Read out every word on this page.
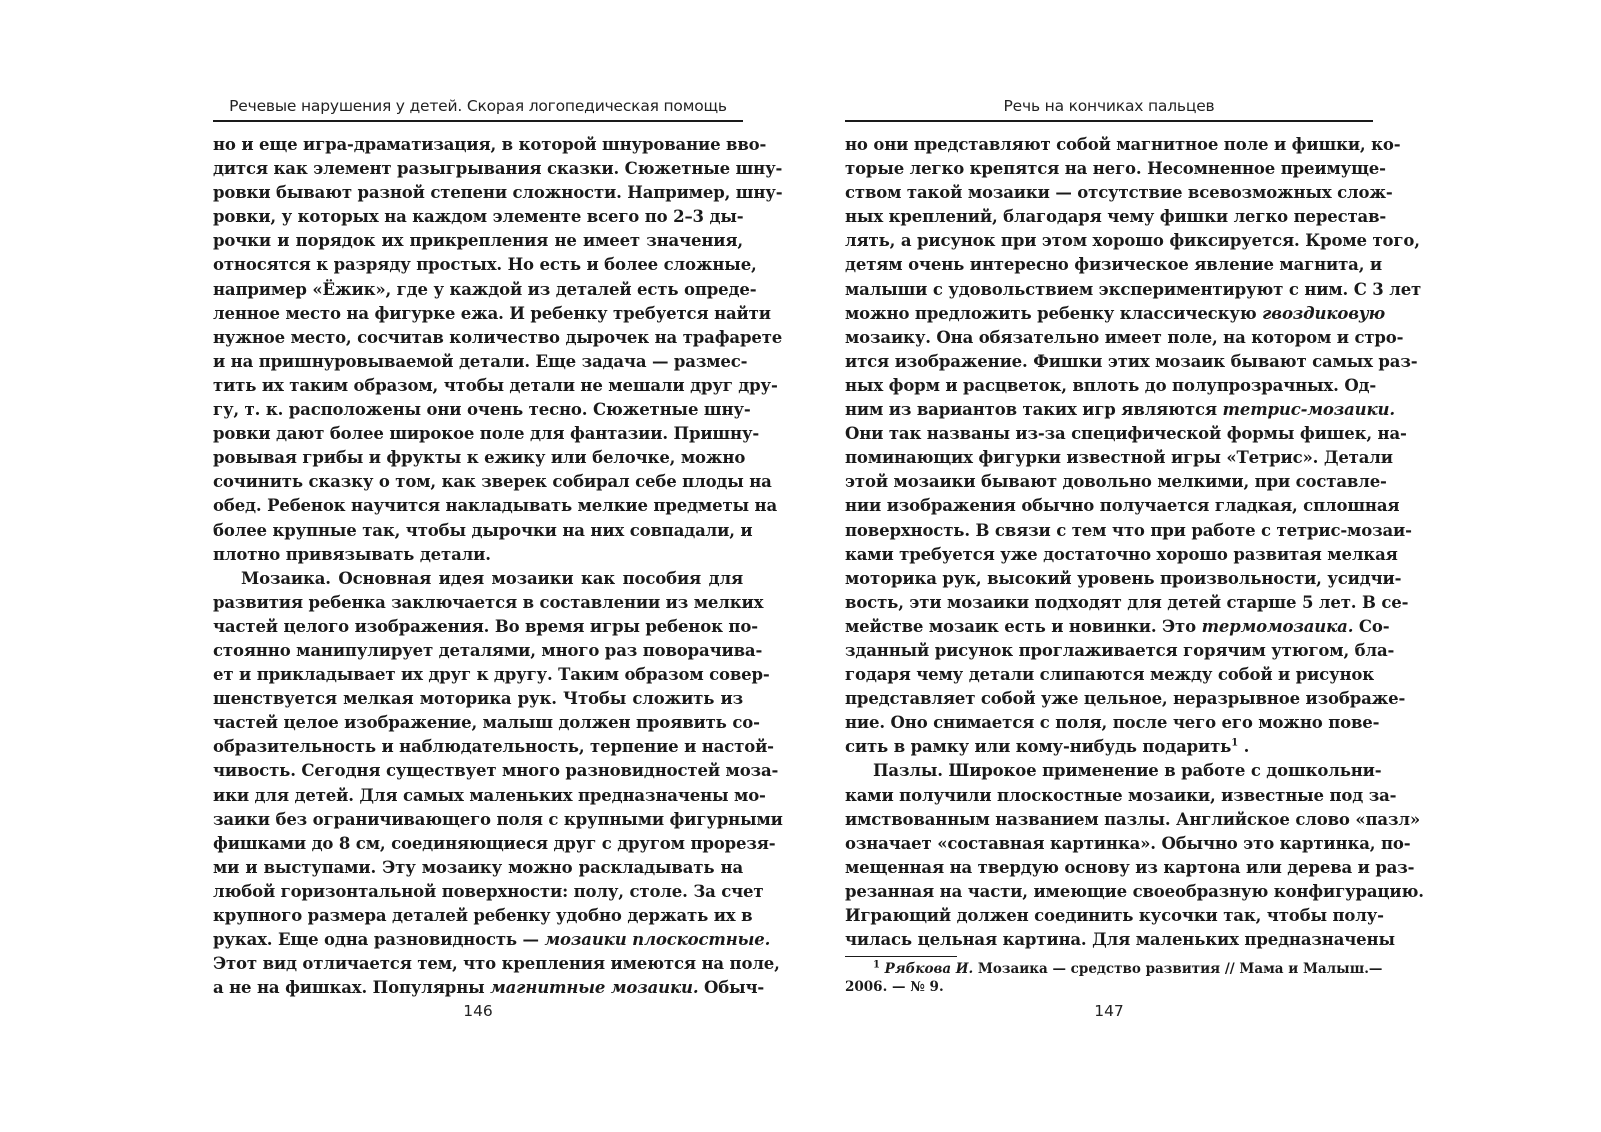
Речевые нарушения у детей. Скорая логопедическая помощь
но и еще игра-драматизация, в которой шнурование вво-
дится как элемент разыгрывания сказки. Сюжетные шну-
ровки бывают разной степени сложности. Например, шну-
ровки, у которых на каждом элементе всего по 2–3 ды-
рочки и порядок их прикрепления не имеет значения,
относятся к разряду простых. Но есть и более сложные,
например «Ёжик», где у каждой из деталей есть опреде-
ленное место на фигурке ежа. И ребенку требуется найти
нужное место, сосчитав количество дырочек на трафарете
и на пришнуровываемой детали. Еще задача — размес-
тить их таким образом, чтобы детали не мешали друг дру-
гу, т. к. расположены они очень тесно. Сюжетные шну-
ровки дают более широкое поле для фантазии. Пришну-
ровывая грибы и фрукты к ежику или белочке, можно
сочинить сказку о том, как зверек собирал себе плоды на
обед. Ребенок научится накладывать мелкие предметы на
более крупные так, чтобы дырочки на них совпадали, и
плотно привязывать детали.
Мозаика. Основная идея мозаики как пособия для
развития ребенка заключается в составлении из мелких
частей целого изображения. Во время игры ребенок по-
стоянно манипулирует деталями, много раз поворачива-
ет и прикладывает их друг к другу. Таким образом совер-
шенствуется мелкая моторика рук. Чтобы сложить из
частей целое изображение, малыш должен проявить со-
образительность и наблюдательность, терпение и настой-
чивость. Сегодня существует много разновидностей моза-
ики для детей. Для самых маленьких предназначены мо-
заики без ограничивающего поля с крупными фигурными
фишками до 8 см, соединяющиеся друг с другом прорезя-
ми и выступами. Эту мозаику можно раскладывать на
любой горизонтальной поверхности: полу, столе. За счет
крупного размера деталей ребенку удобно держать их в
руках. Еще одна разновидность — мозаики плоскостные.
Этот вид отличается тем, что крепления имеются на поле,
а не на фишках. Популярны магнитные мозаики. Обыч-
146
Речь на кончиках пальцев
но они представляют собой магнитное поле и фишки, ко-
торые легко крепятся на него. Несомненное преимуще-
ством такой мозаики — отсутствие всевозможных слож-
ных креплений, благодаря чему фишки легко перестав-
лять, а рисунок при этом хорошо фиксируется. Кроме того,
детям очень интересно физическое явление магнита, и
малыши с удовольствием экспериментируют с ним. С 3 лет
можно предложить ребенку классическую гвоздиковую
мозаику. Она обязательно имеет поле, на котором и стро-
ится изображение. Фишки этих мозаик бывают самых раз-
ных форм и расцветок, вплоть до полупрозрачных. Од-
ним из вариантов таких игр являются тетрис-мозаики.
Они так названы из-за специфической формы фишек, на-
поминающих фигурки известной игры «Тетрис». Детали
этой мозаики бывают довольно мелкими, при составле-
нии изображения обычно получается гладкая, сплошная
поверхность. В связи с тем что при работе с тетрис-мозаи-
ками требуется уже достаточно хорошо развитая мелкая
моторика рук, высокий уровень произвольности, усидчи-
вость, эти мозаики подходят для детей старше 5 лет. В се-
мействе мозаик есть и новинки. Это термомозаика. Со-
зданный рисунок проглаживается горячим утюгом, бла-
годаря чему детали слипаются между собой и рисунок
представляет собой уже цельное, неразрывное изображе-
ние. Оно снимается с поля, после чего его можно пове-
сить в рамку или кому-нибудь подарить$^1$ .
Пазлы. Широкое применение в работе с дошкольни-
ками получили плоскостные мозаики, известные под за-
имствованным названием пазлы. Английское слово «пазл»
означает «составная картинка». Обычно это картинка, по-
мещенная на твердую основу из картона или дерева и раз-
резанная на части, имеющие своеобразную конфигурацию.
Играющий должен соединить кусочки так, чтобы полу-
чилась цельная картина. Для маленьких предназначены
$^1$ Рябкова И. Мозаика — средство развития // Мама и Малыш.—
2006. — № 9.
147
